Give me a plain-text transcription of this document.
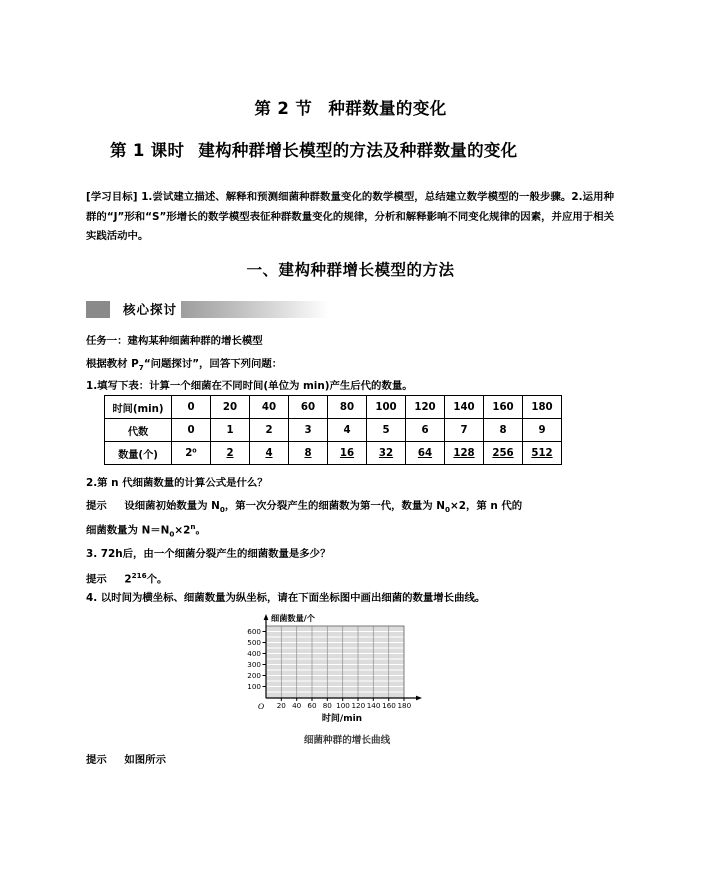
第 2 节 种群数量的变化
第 1 课时 建构种群增长模型的方法及种群数量的变化
[学习目标] 1.尝试建立描述、解释和预测细菌种群数量变化的数学模型，总结建立数学模型的一般步骤。2.运用种群的“J”形和“S”形增长的数学模型表征种群数量变化的规律，分析和解释影响不同变化规律的因素，并应用于相关实践活动中。
一、建构种群增长模型的方法
核心探讨
任务一：建构某种细菌种群的增长模型
根据教材 $P_7“$问题探讨”，回答下列问题：
1.填写下表：计算一个细菌在不同时间(单位为 min)产生后代的数量。
时间(min)	0	20	40	60	80	100	120	140	160	180
代数	0	1	2	3	4	5	6	7	8	9
数量(个)	2⁰	2	4	8	16	32	64	128	256	512
2.第 n 代细菌数量的计算公式是什么？
提示 设细菌初始数量为 $N_0$，第一次分裂产生的细菌数为第一代，数量为 $N_0\times 2$，第 n 代的
细菌数量为 $N=N_0\times 2^n$。
3. 72h后，由一个细菌分裂产生的细菌数量是多少？
提示 $2^{216}$个。
4. 以时间为横坐标、细菌数量为纵坐标，请在下面坐标图中画出细菌的数量增长曲线。
100
200
300
400
500
600
20 40 60 80 100 120 140 160 180
O
细菌数量/个
时间/min
细菌种群的增长曲线
提示 如图所示
